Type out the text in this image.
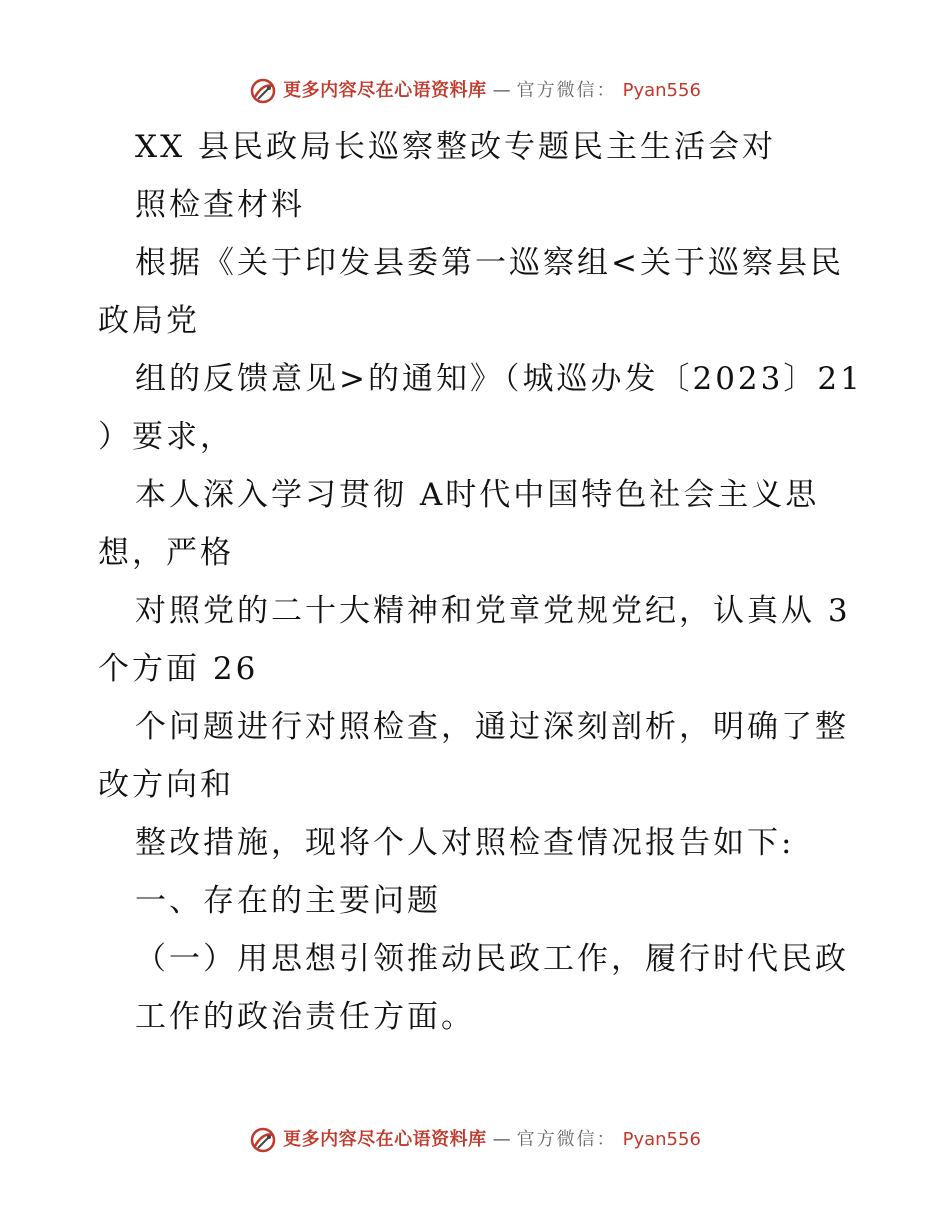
更多内容尽在心语资料库 — 官方微信： Pyan556
XX 县民政局长巡察整改专题民主生活会对
照检查材料
根据《关于印发县委第一巡察组<关于巡察县民
政局党
组的反馈意见>的通知》（城巡办发〔2023〕21
）要求，
本人深入学习贯彻 A时代中国特色社会主义思
想，严格
对照党的二十大精神和党章党规党纪，认真从 3
个方面 26
个问题进行对照检查，通过深刻剖析，明确了整
改方向和
整改措施，现将个人对照检查情况报告如下:
一、存在的主要问题
（一）用思想引领推动民政工作，履行时代民政
工作的政治责任方面。
更多内容尽在心语资料库 — 官方微信： Pyan556
